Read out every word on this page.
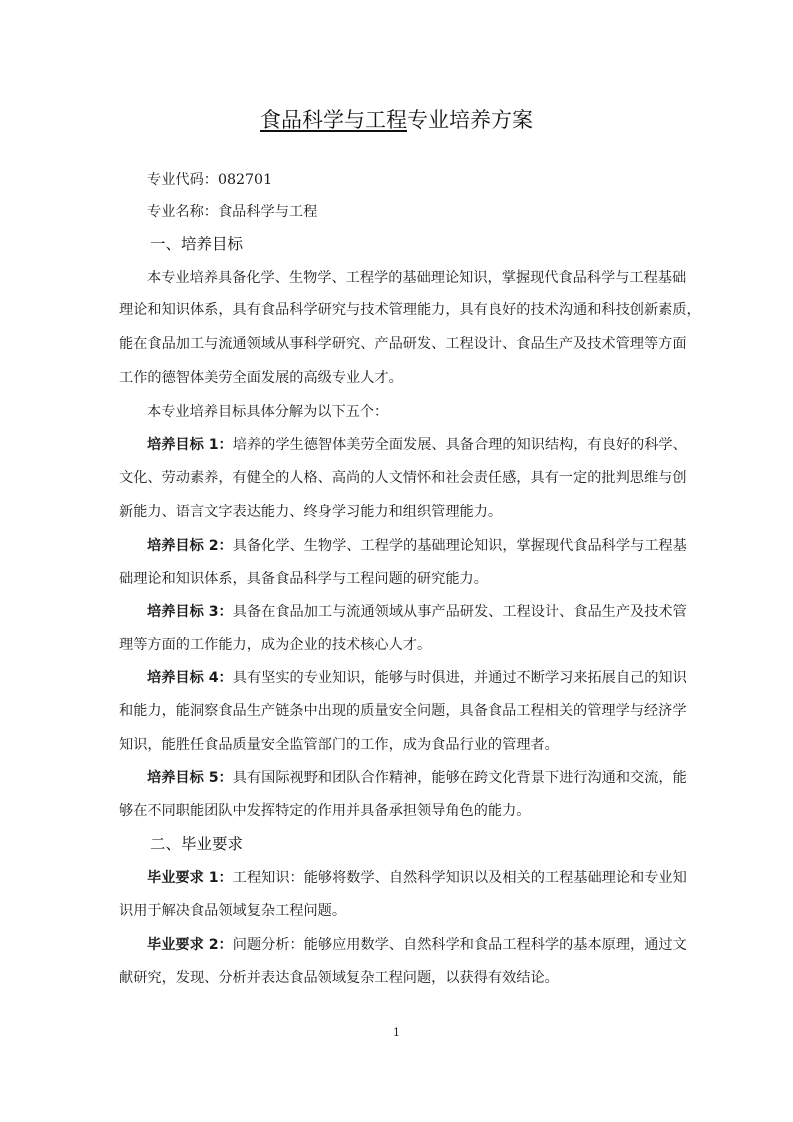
食品科学与工程专业培养方案
专业代码：082701
专业名称：食品科学与工程
一、培养目标
本专业培养具备化学、生物学、工程学的基础理论知识，掌握现代食品科学与工程基础
理论和知识体系，具有食品科学研究与技术管理能力，具有良好的技术沟通和科技创新素质，
能在食品加工与流通领域从事科学研究、产品研发、工程设计、食品生产及技术管理等方面
工作的德智体美劳全面发展的高级专业人才。
本专业培养目标具体分解为以下五个：
培养目标 1：培养的学生德智体美劳全面发展、具备合理的知识结构，有良好的科学、
文化、劳动素养，有健全的人格、高尚的人文情怀和社会责任感，具有一定的批判思维与创
新能力、语言文字表达能力、终身学习能力和组织管理能力。
培养目标 2：具备化学、生物学、工程学的基础理论知识，掌握现代食品科学与工程基
础理论和知识体系，具备食品科学与工程问题的研究能力。
培养目标 3：具备在食品加工与流通领域从事产品研发、工程设计、食品生产及技术管
理等方面的工作能力，成为企业的技术核心人才。
培养目标 4：具有坚实的专业知识，能够与时俱进，并通过不断学习来拓展自己的知识
和能力，能洞察食品生产链条中出现的质量安全问题，具备食品工程相关的管理学与经济学
知识，能胜任食品质量安全监管部门的工作，成为食品行业的管理者。
培养目标 5：具有国际视野和团队合作精神，能够在跨文化背景下进行沟通和交流，能
够在不同职能团队中发挥特定的作用并具备承担领导角色的能力。
二、毕业要求
毕业要求 1：工程知识：能够将数学、自然科学知识以及相关的工程基础理论和专业知
识用于解决食品领域复杂工程问题。
毕业要求 2：问题分析：能够应用数学、自然科学和食品工程科学的基本原理，通过文
献研究，发现、分析并表达食品领域复杂工程问题，以获得有效结论。
1
